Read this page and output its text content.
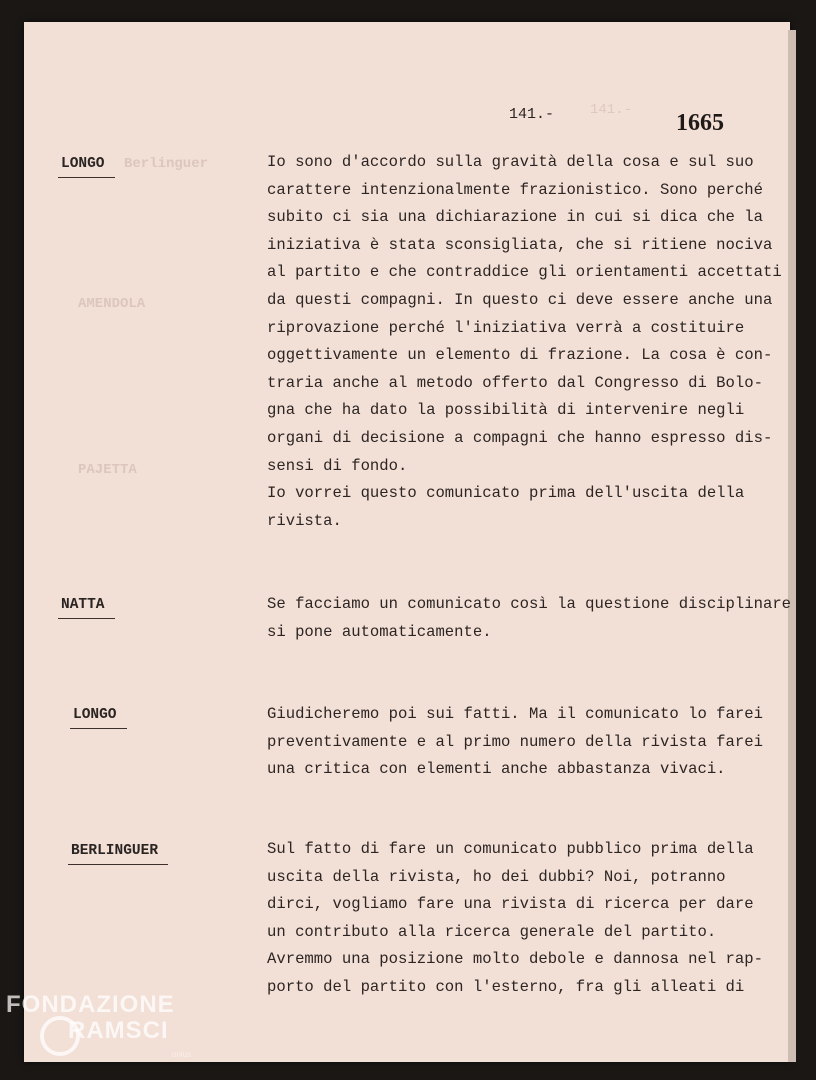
141.-	141.- 1665
Berlinguer
AMENDOLA
PAJETTA
LONGO	Io sono d'accordo sulla gravità della cosa e sul suo
carattere intenzionalmente frazionistico. Sono perché
subito ci sia una dichiarazione in cui si dica che la
iniziativa è stata sconsigliata, che si ritiene nociva
al partito e che contraddice gli orientamenti accettati
da questi compagni. In questo ci deve essere anche una
riprovazione perché l'iniziativa verrà a costituire
oggettivamente un elemento di frazione. La cosa è con-
traria anche al metodo offerto dal Congresso di Bolo-
gna che ha dato la possibilità di intervenire negli
organi di decisione a compagni che hanno espresso dis-
sensi di fondo.
Io vorrei questo comunicato prima dell'uscita della
rivista.

NATTA	Se facciamo un comunicato così la questione disciplinare
si pone automaticamente.

LONGO	Giudicheremo poi sui fatti. Ma il comunicato lo farei
preventivamente e al primo numero della rivista farei
una critica con elementi anche abbastanza vivaci.

BERLINGUER	Sul fatto di fare un comunicato pubblico prima della
uscita della rivista, ho dei dubbi? Noi, potranno
dirci, vogliamo fare una rivista di ricerca per dare
un contributo alla ricerca generale del partito.
Avremmo una posizione molto debole e dannosa nel rap-
porto del partito con l'esterno, fra gli alleati di

FONDAZIONE
RAMSCI
onlus
